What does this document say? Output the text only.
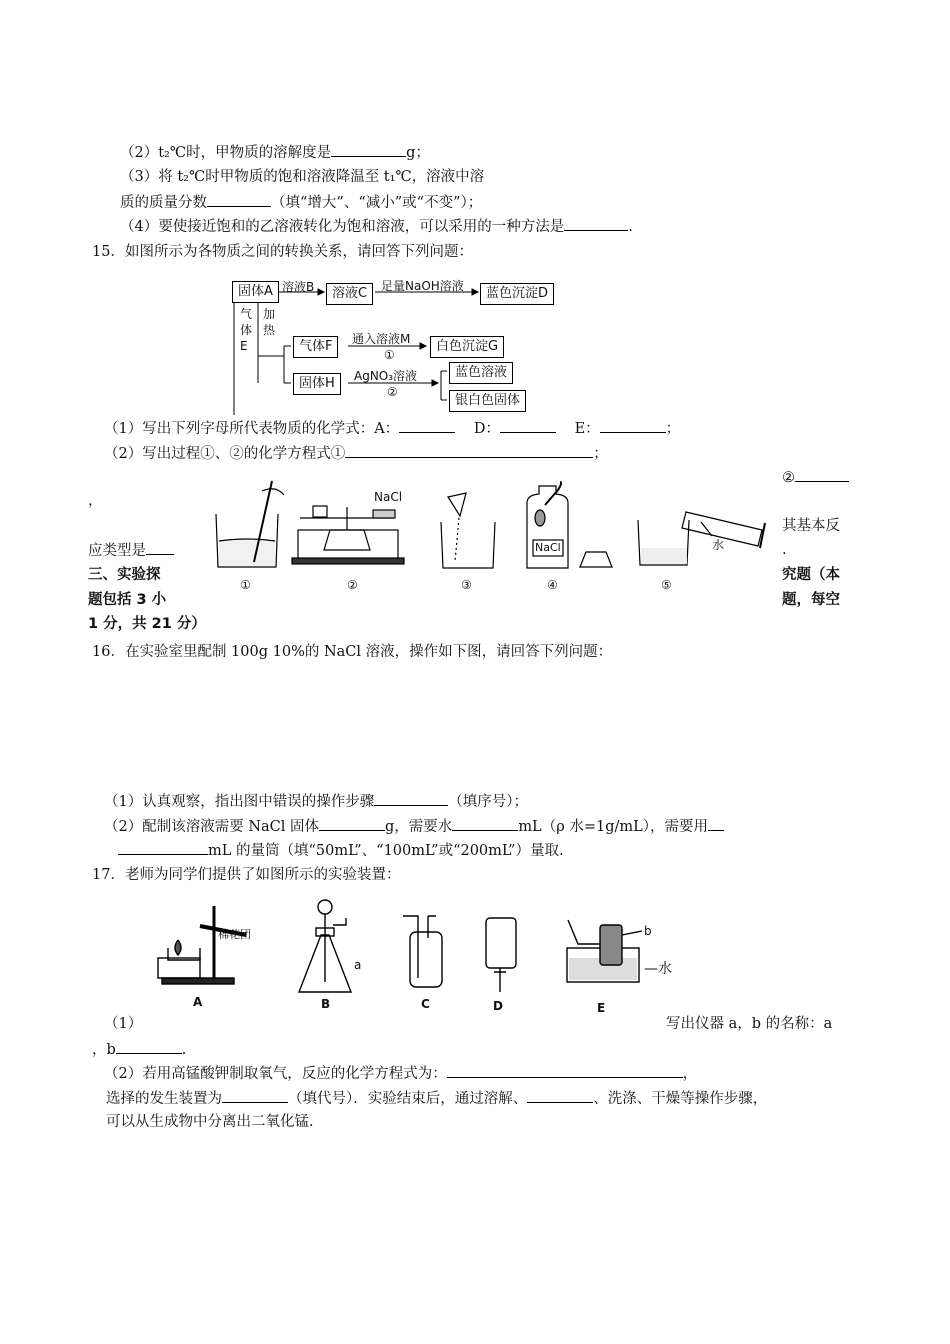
（2）t₂℃时，甲物质的溶解度是	g；
（3）将 t₂℃时甲物质的饱和溶液降温至 t₁℃，溶液中溶
质的质量分数	（填“增大”、“减小”或“不变”）；
（4）要使接近饱和的乙溶液转化为饱和溶液，可以采用的一种方法是	.
15．如图所示为各物质之间的转换关系，请回答下列问题：
固体A 溶液B	溶液C	足量NaOH溶液	蓝色沉淀D
气
体
E
加
热
气体F	通入溶液M
①
白色沉淀G
固体H	AgNO₃溶液
②
蓝色溶液
银白色固体
（1）写出下列字母所代表物质的化学式：A：	D：	E：	；
（2）写出过程①、②的化学方程式①	；
②
，
其基本反
应类型是	.
三、实验探
题包括 3 小
1 分，共 21 分）
究题（本
题，每空
NaCl
NaCl	水
①	②	③	④	⑤
16．在实验室里配制 100g 10%的 NaCl 溶液，操作如下图，请回答下列问题：
（1）认真观察，指出图中错误的操作步骤	（填序号）；
（2）配制该溶液需要 NaCl 固体	g，需要水	mL（ρ 水=1g/mL），需要用
mL 的量筒（填“50mL”、“100mL”或“200mL”）量取.
17．老师为同学们提供了如图所示的实验装置：
棉花团
a
b
—水
A	B	C	D	E
（1）	写出仪器 a，b 的名称：a
，b	.
（2）若用高锰酸钾制取氧气，反应的化学方程式为：	，
选择的发生装置为	（填代号）．实验结束后，通过溶解、	、洗涤、干燥等操作步骤，
可以从生成物中分离出二氧化锰.
